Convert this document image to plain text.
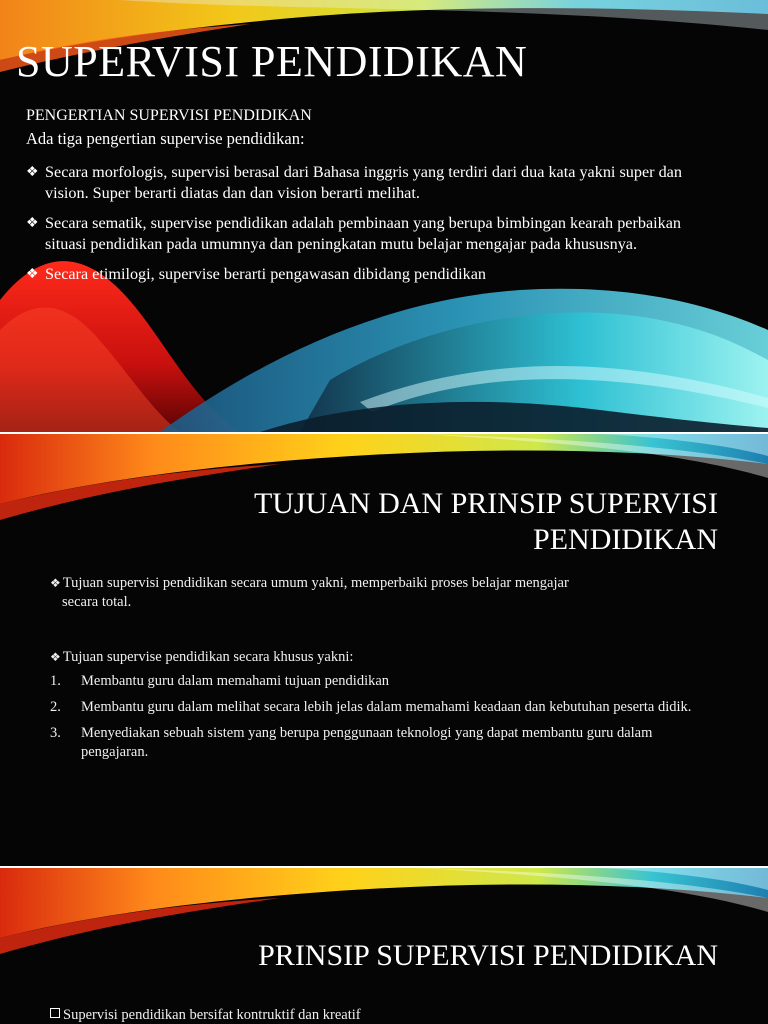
SUPERVISI PENDIDIKAN

PENGERTIAN SUPERVISI PENDIDIKAN

Ada tiga pengertian supervise pendidikan:

❖ Secara morfologis, supervisi berasal dari Bahasa inggris yang terdiri dari dua kata yakni super dan vision. Super berarti diatas dan dan vision berarti melihat.
❖ Secara sematik, supervise pendidikan adalah pembinaan yang berupa bimbingan kearah perbaikan situasi pendidikan pada umumnya dan peningkatan mutu belajar mengajar pada khususnya.
❖ Secara etimilogi, supervise berarti pengawasan dibidang pendidikan

TUJUAN DAN PRINSIP SUPERVISI PENDIDIKAN

❖ Tujuan supervisi pendidikan secara umum yakni, memperbaiki proses belajar mengajar
secara total.
❖ Tujuan supervise pendidikan secara khusus yakni:
1. Membantu guru dalam memahami tujuan pendidikan
2. Membantu guru dalam melihat secara lebih jelas dalam memahami keadaan dan kebutuhan peserta didik.
3. Menyediakan sebuah sistem yang berupa penggunaan teknologi yang dapat membantu guru dalam pengajaran.

PRINSIP SUPERVISI PENDIDIKAN

Supervisi pendidikan bersifat kontruktif dan kreatif
